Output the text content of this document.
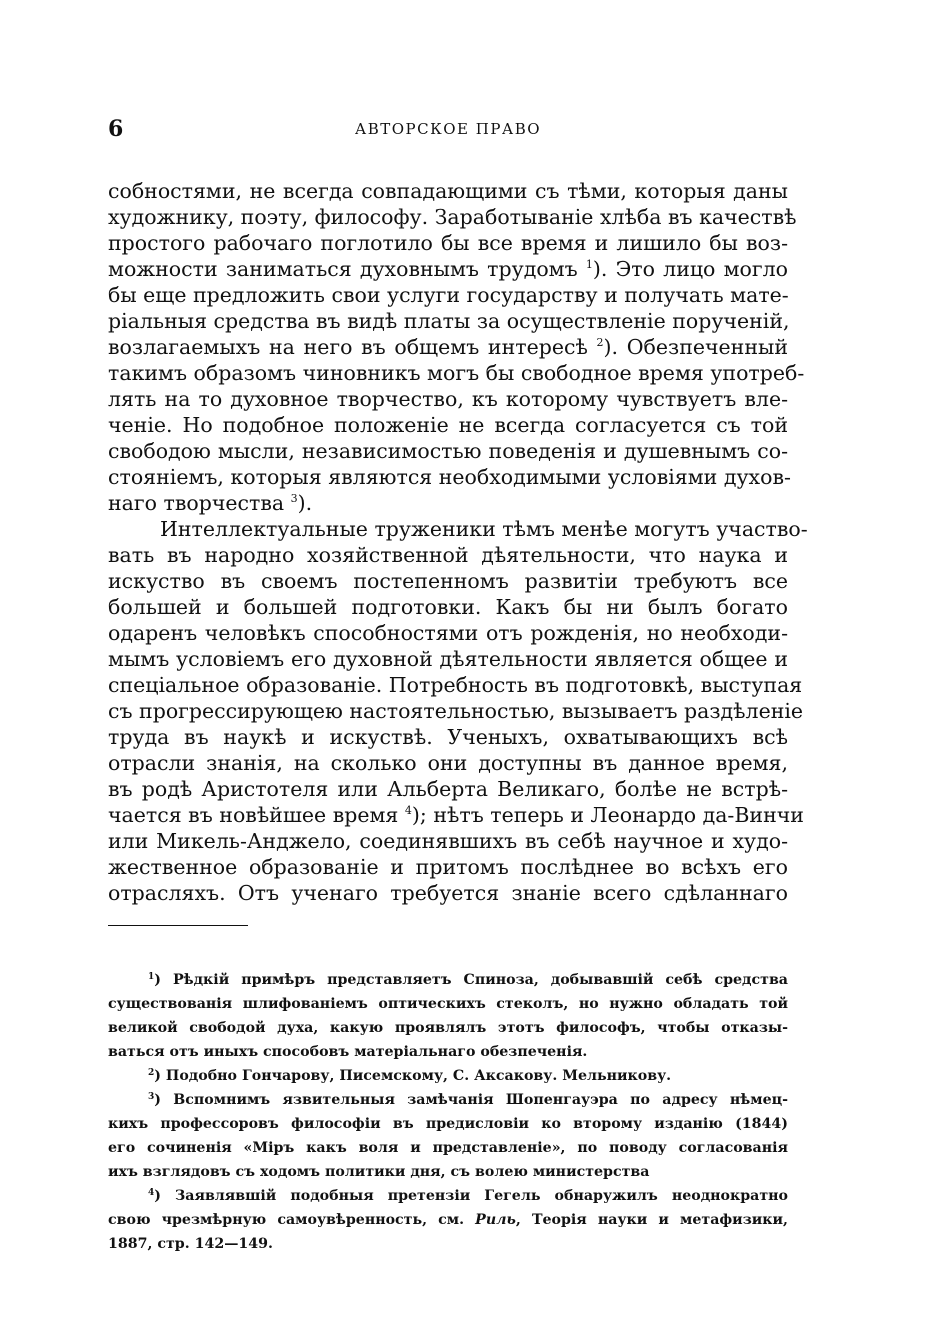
6	АВТОРСКОЕ ПРАВО
собностями, не всегда совпадающими съ тѣми, которыя даны
художнику, поэту, философу. Заработываніе хлѣба въ качествѣ
простого рабочаго поглотило бы все время и лишило бы воз-
можности заниматься духовнымъ трудомъ $^1$). Это лицо могло
бы еще предложить свои услуги государству и получать мате-
ріальныя средства въ видѣ платы за осуществленіе порученій,
возлагаемыхъ на него въ общемъ интересѣ $^2$). Обезпеченный
такимъ образомъ чиновникъ могъ бы свободное время употреб-
лять на то духовное творчество, къ которому чувствуетъ вле-
ченіе. Но подобное положеніе не всегда согласуется съ той
свободою мысли, независимостью поведенія и душевнымъ со-
стояніемъ, которыя являются необходимыми условіями духов-
наго творчества $^3$).
Интеллектуальные труженики тѣмъ менѣе могутъ участво-
вать въ народно хозяйственной дѣятельности, что наука и
искуство въ своемъ постепенномъ развитіи требуютъ все
большей и большей подготовки. Какъ бы ни былъ богато
одаренъ человѣкъ способностями отъ рожденія, но необходи-
мымъ условіемъ его духовной дѣятельности является общее и
спеціальное образованіе. Потребность въ подготовкѣ, выступая
съ прогрессирующею настоятельностью, вызываетъ раздѣленіе
труда въ наукѣ и искуствѣ. Ученыхъ, охватывающихъ всѣ
отрасли знанія, на сколько они доступны въ данное время,
въ родѣ Аристотеля или Альберта Великаго, болѣе не встрѣ-
чается въ новѣйшее время $^4$); нѣтъ теперь и Леонардо да-Винчи
или Микель-Анджело, соединявшихъ въ себѣ научное и худо-
жественное образованіе и притомъ послѣднее во всѣхъ его
отрасляхъ. Отъ ученаго требуется знаніе всего сдѣланнаго
$^1$) Рѣдкій примѣръ представляетъ Спиноза, добывавшій себѣ средства
существованія шлифованіемъ оптическихъ стеколъ, но нужно обладать той
великой свободой духа, какую проявлялъ этотъ философъ, чтобы отказы-
ваться отъ иныхъ способовъ матеріальнаго обезпеченія.
$^2$) Подобно Гончарову, Писемскому, С. Аксакову. Мельникову.
$^3$) Вспомнимъ язвительныя замѣчанія Шопенгауэра по адресу нѣмец-
кихъ профессоровъ философіи въ предисловіи ко второму изданію (1844)
его сочиненія «Міръ какъ воля и представленіе», по поводу согласованія
ихъ взглядовъ съ ходомъ политики дня, съ волею министерства
$^4$) Заявлявшій подобныя претензіи Гегель обнаружилъ неоднократно
свою чрезмѣрную самоувѣренность, см. Риль, Теорія науки и метафизики,
1887, стр. 142—149.
